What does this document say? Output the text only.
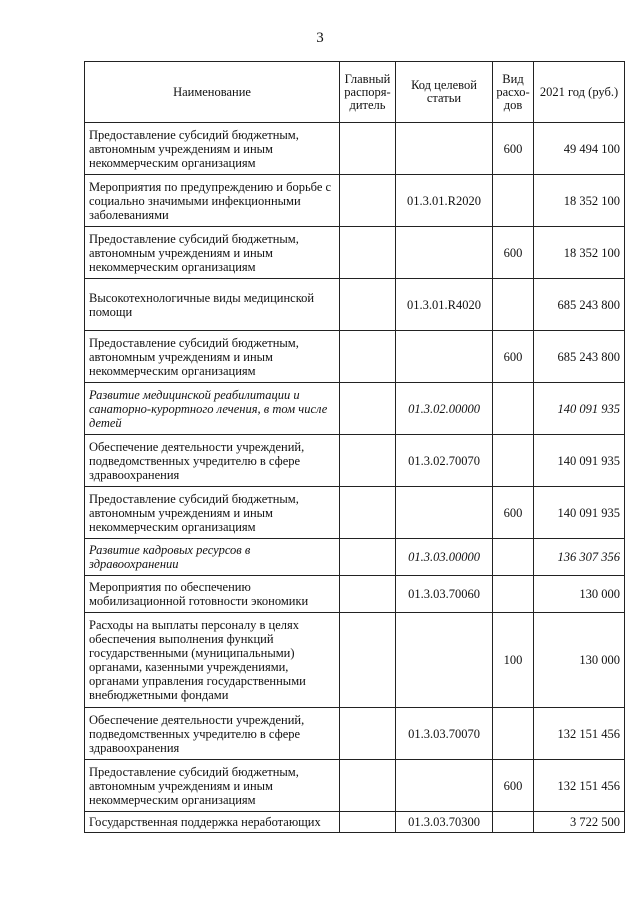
3
Наименование	Главный распоря-дитель	Код целевой статьи	Вид расхо-дов	2021 год (руб.)
Предоставление субсидий бюджетным, автономным учреждениям и иным некоммерческим организациям			600	49 494 100
Мероприятия по предупреждению и борьбе с социально значимыми инфекционными заболеваниями		01.3.01.R2020		18 352 100
Предоставление субсидий бюджетным, автономным учреждениям и иным некоммерческим организациям			600	18 352 100
Высокотехнологичные виды медицинской помощи		01.3.01.R4020		685 243 800
Предоставление субсидий бюджетным, автономным учреждениям и иным некоммерческим организациям			600	685 243 800
Развитие медицинской реабилитации и санаторно-курортного лечения, в том числе детей		01.3.02.00000		140 091 935
Обеспечение деятельности учреждений, подведомственных учредителю в сфере здравоохранения		01.3.02.70070		140 091 935
Предоставление субсидий бюджетным, автономным учреждениям и иным некоммерческим организациям			600	140 091 935
Развитие кадровых ресурсов в здравоохранении		01.3.03.00000		136 307 356
Мероприятия по обеспечению мобилизационной готовности экономики		01.3.03.70060		130 000
Расходы на выплаты персоналу в целях обеспечения выполнения функций государственными (муниципальными) органами, казенными учреждениями, органами управления государственными внебюджетными фондами			100	130 000
Обеспечение деятельности учреждений, подведомственных учредителю в сфере здравоохранения		01.3.03.70070		132 151 456
Предоставление субсидий бюджетным, автономным учреждениям и иным некоммерческим организациям			600	132 151 456
Государственная поддержка неработающих		01.3.03.70300		3 722 500
